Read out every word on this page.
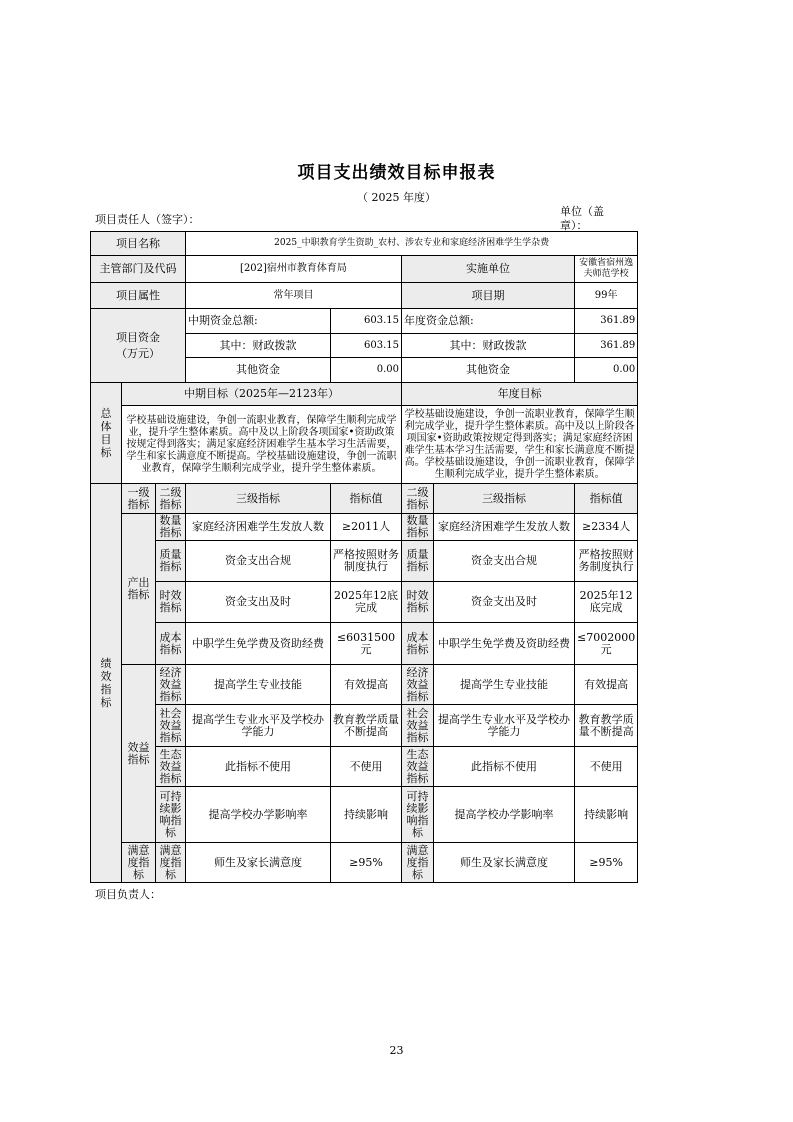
项目支出绩效目标申报表
（ 2025 年度）
项目责任人（签字）：
单位（盖章）：
项目名称			2025_中职教育学生资助_农村、涉农专业和家庭经济困难学生学杂费				
主管部门及代码			[202]宿州市教育体育局		实施单位		安徽省宿州逸夫师范学校
项目属性			常年项目		项目期		99年
项目资金（万元）			中期资金总额:	603.15	年度资金总额:		361.89
			其中：财政拨款	603.15	其中：财政拨款		361.89
			其他资金	0.00	其他资金		0.00

总体目标	中期目标（2025年—2123年）				年度目标		
	学校基础设施建设，争创一流职业教育，保障学生顺利完成学业，提升学生整体素质。高中及以上阶段各项国家•资助政策按规定得到落实；满足家庭经济困难学生基本学习生活需要，学生和家长满意度不断提高。学校基础设施建设，争创一流职业教育，保障学生顺利完成学业，提升学生整体素质。				学校基础设施建设，争创一流职业教育，保障学生顺利完成学业，提升学生整体素质。高中及以上阶段各项国家•资助政策按规定得到落实；满足家庭经济困难学生基本学习生活需要，学生和家长满意度不断提高。学校基础设施建设，争创一流职业教育，保障学生顺利完成学业，提升学生整体素质。		

绩效指标	一级指标	二级指标	三级指标	指标值	二级指标	三级指标	指标值
	产出指标	数量指标	家庭经济困难学生发放人数	≥2011人	数量指标	家庭经济困难学生发放人数	≥2334人
		质量指标	资金支出合规	严格按照财务制度执行	质量指标	资金支出合规	严格按照财务制度执行
		时效指标	资金支出及时	2025年12底完成	时效指标	资金支出及时	2025年12底完成
		成本指标	中职学生免学费及资助经费	≤6031500元	成本指标	中职学生免学费及资助经费	≤7002000元
	效益指标	经济效益指标	提高学生专业技能	有效提高	经济效益指标	提高学生专业技能	有效提高
		社会效益指标	提高学生专业水平及学校办学能力	教育教学质量不断提高	社会效益指标	提高学生专业水平及学校办学能力	教育教学质量不断提高
		生态效益指标	此指标不使用	不使用	生态效益指标	此指标不使用	不使用
		可持续影响指标	提高学校办学影响率	持续影响	可持续影响指标	提高学校办学影响率	持续影响
	满意度指标	满意度指标	师生及家长满意度	≥95%	满意度指标	师生及家长满意度	≥95%
项目负责人：
23
